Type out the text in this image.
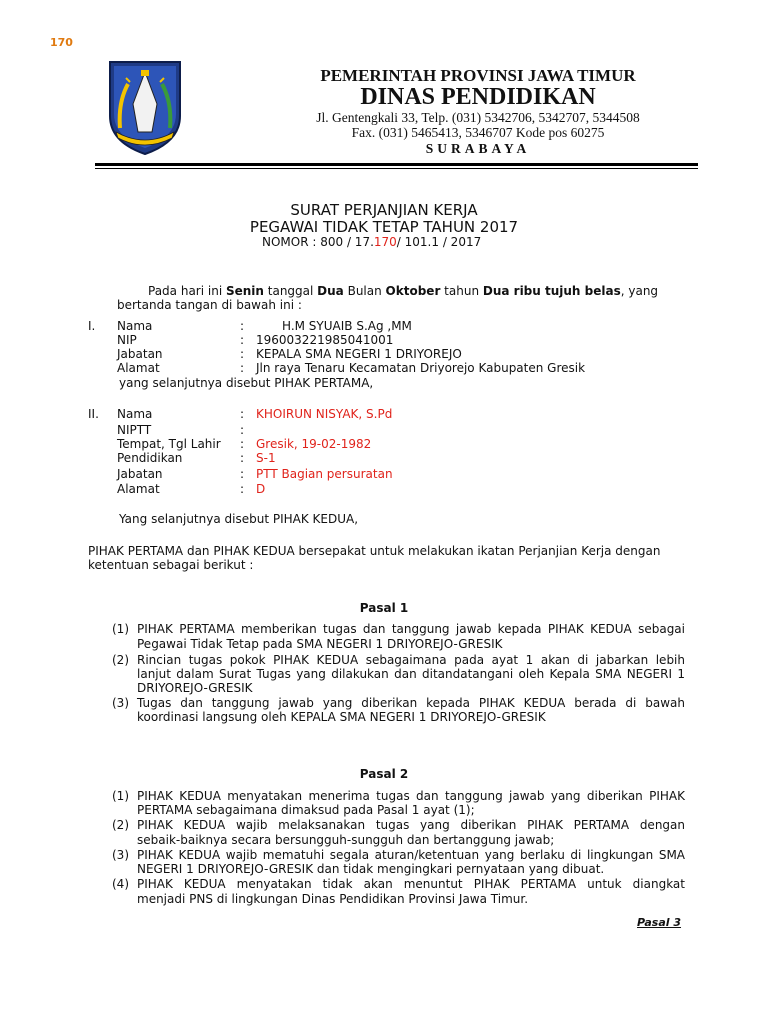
170
PEMERINTAH PROVINSI JAWA TIMUR
DINAS PENDIDIKAN
Jl. Gentengkali 33, Telp. (031) 5342706, 5342707, 5344508
Fax. (031) 5465413, 5346707 Kode pos 60275
SURABAYA
SURAT PERJANJIAN KERJA
PEGAWAI TIDAK TETAP TAHUN 2017
NOMOR : 800 / 17.170/ 101.1 / 2017
Pada hari ini Senin tanggal Dua Bulan Oktober tahun Dua ribu tujuh belas, yang
bertanda tangan di bawah ini :
I. Nama	:	H.M SYUAIB S.Ag ,MM
NIP	: 196003221985041001
Jabatan	: KEPALA SMA NEGERI 1 DRIYOREJO
Alamat	: Jln raya Tenaru Kecamatan Driyorejo Kabupaten Gresik
yang selanjutnya disebut PIHAK PERTAMA,
II. Nama	: KHOIRUN NISYAK, S.Pd
NIPTT	:
Tempat, Tgl Lahir : Gresik, 19-02-1982
Pendidikan	: S-1
Jabatan	: PTT Bagian persuratan
Alamat	: D
Yang selanjutnya disebut PIHAK KEDUA,
PIHAK PERTAMA dan PIHAK KEDUA bersepakat untuk melakukan ikatan Perjanjian Kerja dengan
ketentuan sebagai berikut :
Pasal 1
(1) PIHAK PERTAMA memberikan tugas dan tanggung jawab kepada PIHAK KEDUA sebagai
Pegawai Tidak Tetap pada SMA NEGERI 1 DRIYOREJO-GRESIK
(2) Rincian tugas pokok PIHAK KEDUA sebagaimana pada ayat 1 akan di jabarkan lebih
lanjut dalam Surat Tugas yang dilakukan dan ditandatangani oleh Kepala SMA NEGERI 1
DRIYOREJO-GRESIK
(3) Tugas dan tanggung jawab yang diberikan kepada PIHAK KEDUA berada di bawah
koordinasi langsung oleh KEPALA SMA NEGERI 1 DRIYOREJO-GRESIK
Pasal 2
(1) PIHAK KEDUA menyatakan menerima tugas dan tanggung jawab yang diberikan PIHAK
PERTAMA sebagaimana dimaksud pada Pasal 1 ayat (1);
(2) PIHAK KEDUA wajib melaksanakan tugas yang diberikan PIHAK PERTAMA dengan
sebaik-baiknya secara bersungguh-sungguh dan bertanggung jawab;
(3) PIHAK KEDUA wajib mematuhi segala aturan/ketentuan yang berlaku di lingkungan SMA
NEGERI 1 DRIYOREJO-GRESIK dan tidak mengingkari pernyataan yang dibuat.
(4) PIHAK KEDUA menyatakan tidak akan menuntut PIHAK PERTAMA untuk diangkat
menjadi PNS di lingkungan Dinas Pendidikan Provinsi Jawa Timur.
Pasal 3
